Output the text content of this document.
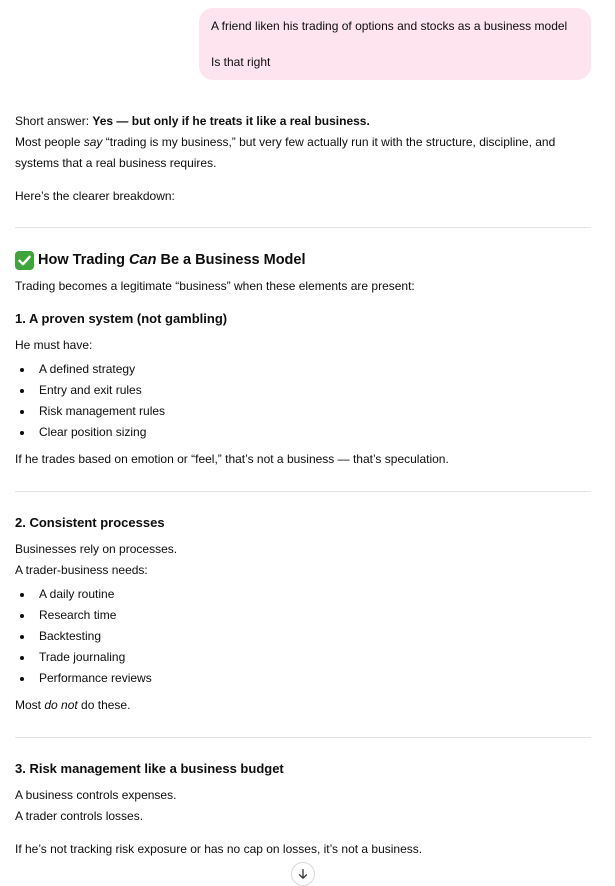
A friend liken his trading of options and stocks as a business model

Is that right

Short answer: Yes — but only if he treats it like a real business.

Most people say “trading is my business,” but very few actually run it with the structure, discipline, and systems that a real business requires.

Here’s the clearer breakdown:

How Trading Can Be a Business Model

Trading becomes a legitimate “business” when these elements are present:

1. A proven system (not gambling)

He must have:

A defined strategy
Entry and exit rules
Risk management rules
Clear position sizing

If he trades based on emotion or “feel,” that’s not a business — that’s speculation.

2. Consistent processes

Businesses rely on processes.

A trader-business needs:

A daily routine
Research time
Backtesting
Trade journaling
Performance reviews

Most do not do these.

3. Risk management like a business budget

A business controls expenses.

A trader controls losses.

If he’s not tracking risk exposure or has no cap on losses, it’s not a business.
